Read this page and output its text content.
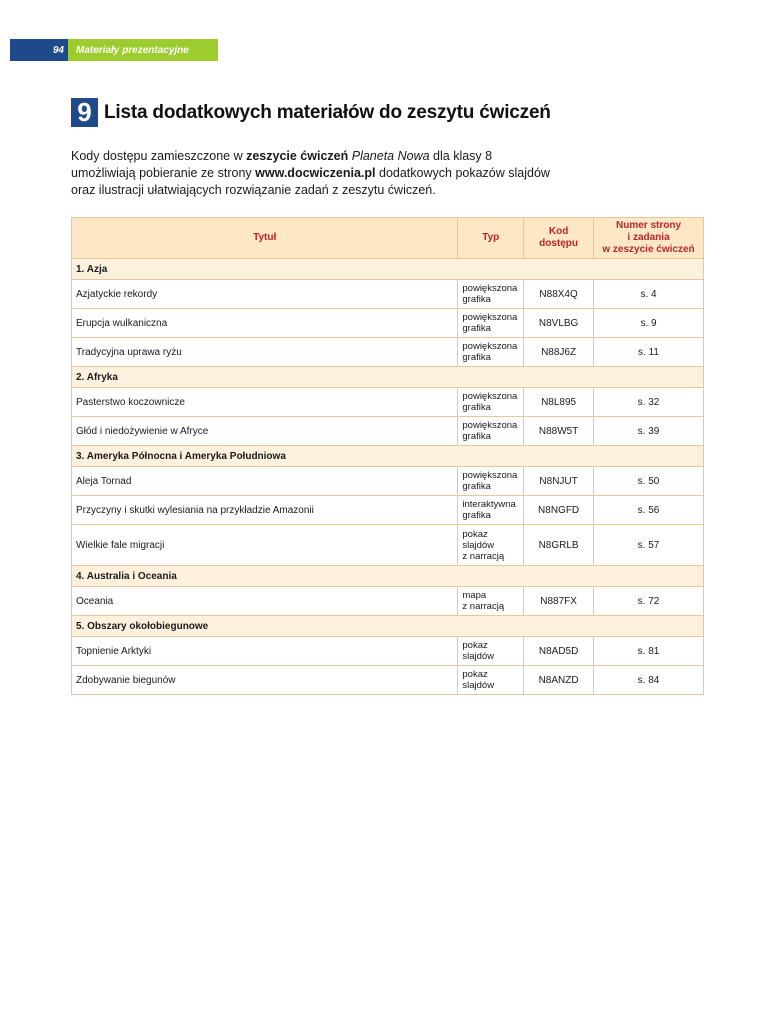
94	Materiały prezentacyjne
9 Lista dodatkowych materiałów do zeszytu ćwiczeń
Kody dostępu zamieszczone w zeszycie ćwiczeń Planeta Nowa dla klasy 8 umożliwiają pobieranie ze strony www.docwiczenia.pl dodatkowych pokazów slajdów oraz ilustracji ułatwiających rozwiązanie zadań z zeszytu ćwiczeń.
Tytuł	Typ	Kod dostępu	Numer strony
i zadania
w zeszycie ćwiczeń

1. Azja			
Azjatyckie rekordy	powiększona
grafika	N88X4Q	s. 4
Erupcja wulkaniczna	powiększona
grafika	N8VLBG	s. 9
Tradycyjna uprawa ryżu	powiększona
grafika	N88J6Z	s. 11
2. Afryka			
Pasterstwo koczownicze	powiększona
grafika	N8L895	s. 32
Głód i niedożywienie w Afryce	powiększona
grafika	N88W5T	s. 39
3. Ameryka Północna i Ameryka Południowa			
Aleja Tornad	powiększona
grafika	N8NJUT	s. 50
Przyczyny i skutki wylesiania na przykładzie Amazonii	interaktywna
grafika	N8NGFD	s. 56
Wielkie fale migracji	pokaz
slajdów
z narracją	N8GRLB	s. 57
4. Australia i Oceania			
Oceania	mapa
z narracją	N887FX	s. 72
5. Obszary okołobiegunowe			
Topnienie Arktyki	pokaz
slajdów	N8AD5D	s. 81
Zdobywanie biegunów	pokaz
slajdów	N8ANZD	s. 84
